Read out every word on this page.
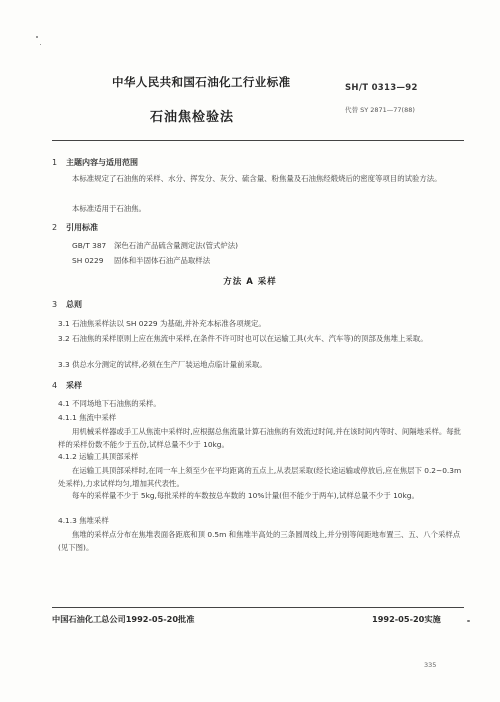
中华人民共和国石油化工行业标准	SH/T 0313—92
石油焦检验法	代替 SY 2871—77(88)
1 主题内容与适用范围
本标准规定了石油焦的采样、水分、挥发分、灰分、硫含量、粉焦量及石油焦经煅烧后的密度等项目的试验方法。
本标准适用于石油焦。
2 引用标准
GB/T 387 深色石油产品硫含量测定法(管式炉法)
SH 0229 固体和半固体石油产品取样法
方法 A 采样
3 总则
3.1 石油焦采样法以 SH 0229 为基础,并补充本标准各项规定。
3.2 石油焦的采样原则上应在焦流中采样,在条件不许可时也可以在运输工具(火车、汽车等)的顶部及焦堆上采取。
3.3 供总水分测定的试样,必须在生产厂装运地点临计量前采取。
4 采样
4.1 不同场地下石油焦的采样。
4.1.1 焦流中采样
用机械采样器或手工从焦流中采样时,应根据总焦流量计算石油焦的有效流过时间,并在该时间内等时、间隔地采样。每批样的采样份数不能少于五份,试样总量不少于 10kg。
4.1.2 运输工具顶部采样
在运输工具顶部采样时,在同一车上须至少在平均距离的五点上,从表层采取(经长途运输或停放后,应在焦层下 0.2~0.3m 处采样),力求试样均匀,增加其代表性。
每车的采样量不少于 5kg,每批采样的车数按总车数的 10%计量(但不能少于两车),试样总量不少于 10kg。
4.1.3 焦堆采样
焦堆的采样点分布在焦堆表面各距底和顶 0.5m 和焦堆半高处的三条圆周线上,并分别等间距地布置三、五、八个采样点(见下图)。
中国石油化工总公司1992-05-20批准	1992-05-20实施
335
